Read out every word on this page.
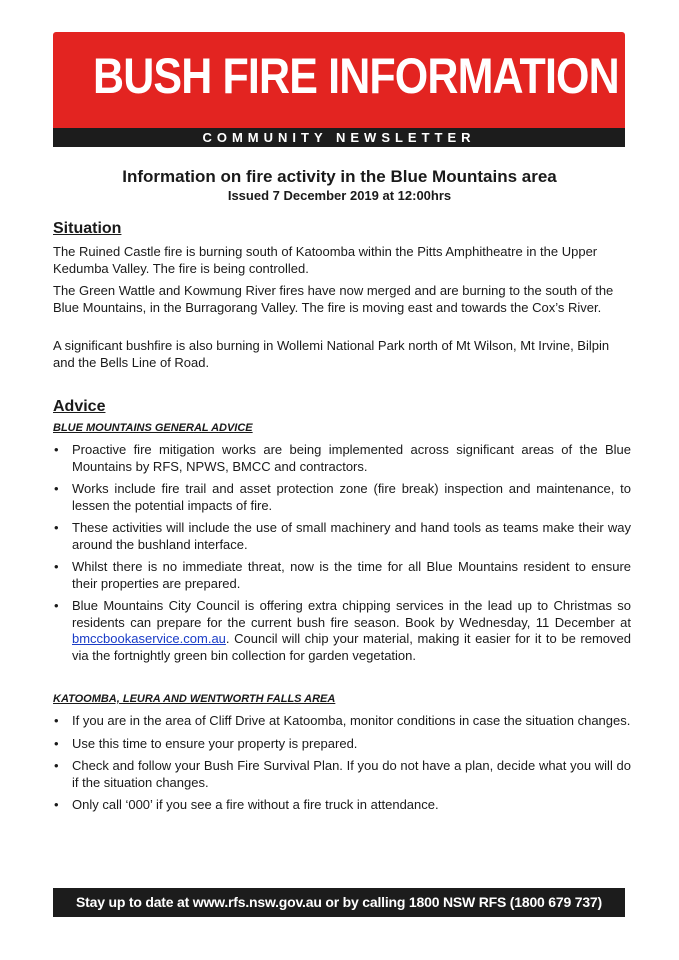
BUSH FIRE INFORMATION
COMMUNITY NEWSLETTER
Information on fire activity in the Blue Mountains area
Issued 7 December 2019 at 12:00hrs
Situation

The Ruined Castle fire is burning south of Katoomba within the Pitts Amphitheatre in the Upper Kedumba Valley. The fire is being controlled.

The Green Wattle and Kowmung River fires have now merged and are burning to the south of the Blue Mountains, in the Burragorang Valley. The fire is moving east and towards the Cox’s River.

A significant bushfire is also burning in Wollemi National Park north of Mt Wilson, Mt Irvine, Bilpin and the Bells Line of Road.

Advice
BLUE MOUNTAINS GENERAL ADVICE
• Proactive fire mitigation works are being implemented across significant areas of the Blue Mountains by RFS, NPWS, BMCC and contractors.
• Works include fire trail and asset protection zone (fire break) inspection and maintenance, to lessen the potential impacts of fire.
• These activities will include the use of small machinery and hand tools as teams make their way around the bushland interface.
• Whilst there is no immediate threat, now is the time for all Blue Mountains resident to ensure their properties are prepared.
• Blue Mountains City Council is offering extra chipping services in the lead up to Christmas so residents can prepare for the current bush fire season. Book by Wednesday, 11 December at bmccbookaservice.com.au. Council will chip your material, making it easier for it to be removed via the fortnightly green bin collection for garden vegetation.
KATOOMBA, LEURA AND WENTWORTH FALLS AREA
• If you are in the area of Cliff Drive at Katoomba, monitor conditions in case the situation changes.
• Use this time to ensure your property is prepared.
• Check and follow your Bush Fire Survival Plan. If you do not have a plan, decide what you will do if the situation changes.
• Only call ‘000’ if you see a fire without a fire truck in attendance.
Stay up to date at www.rfs.nsw.gov.au or by calling 1800 NSW RFS (1800 679 737)
